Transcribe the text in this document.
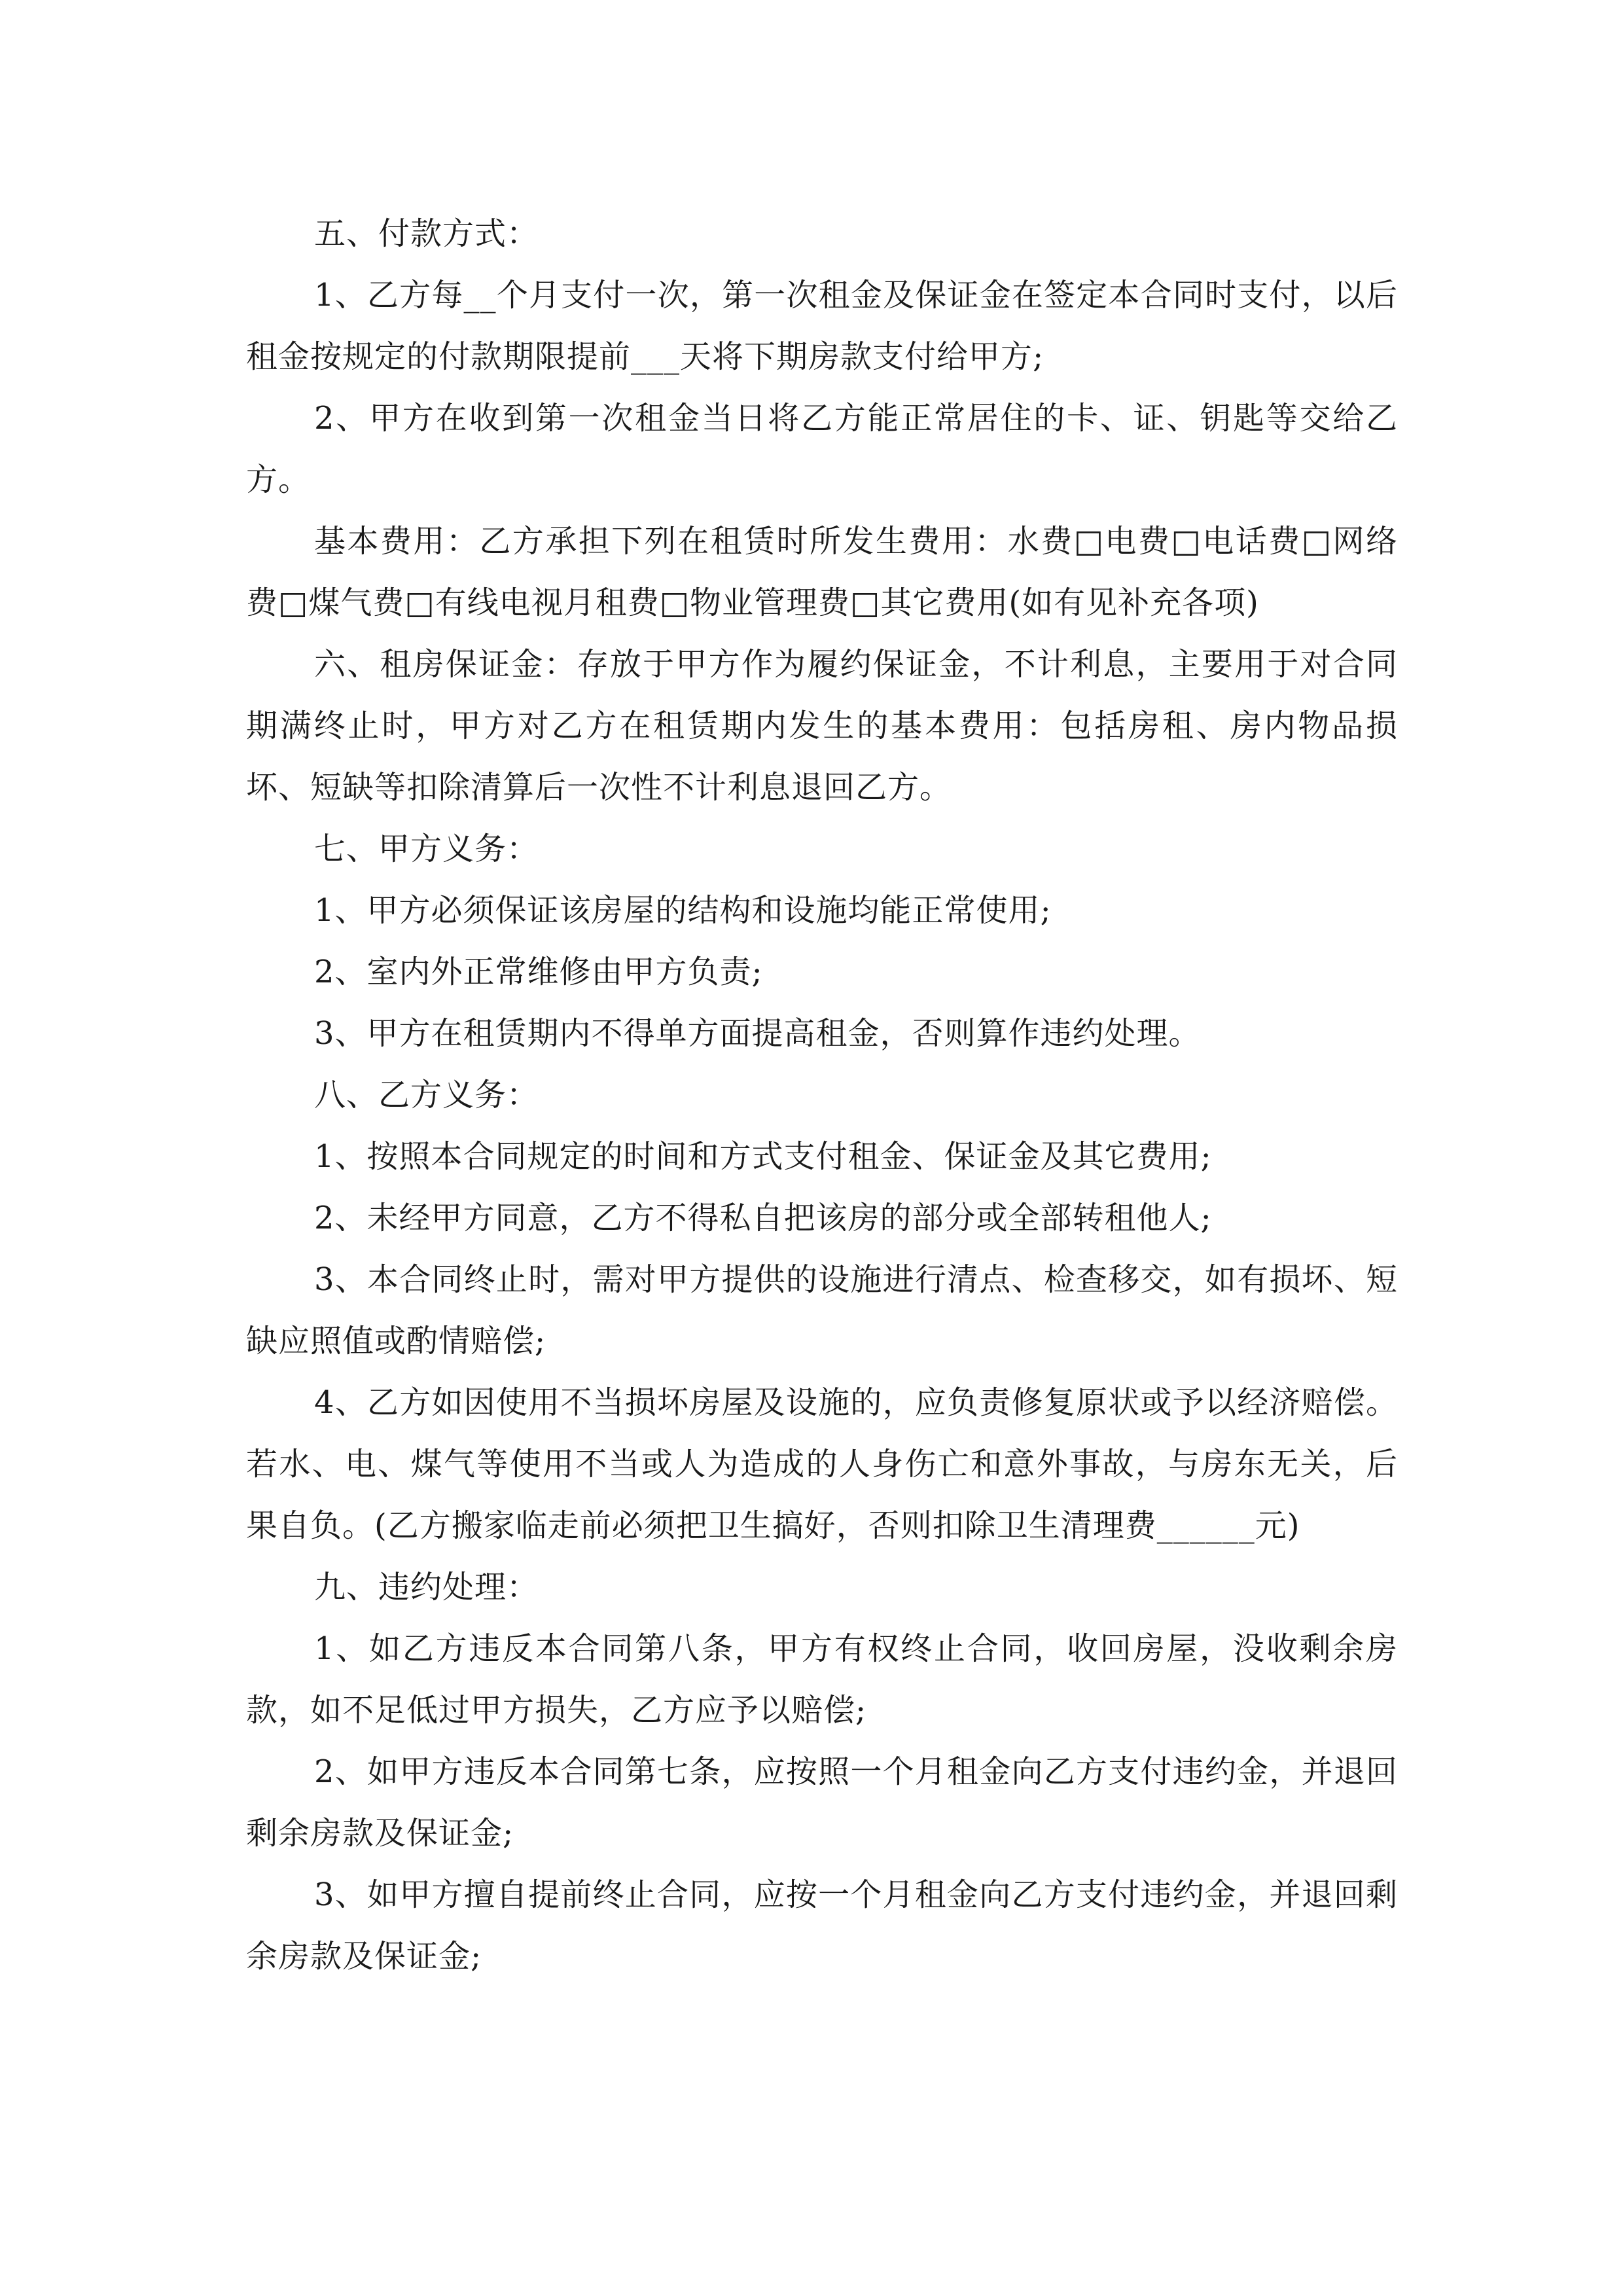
五、付款方式：

1、乙方每__个月支付一次，第一次租金及保证金在签定本合同时支付，以后租金按规定的付款期限提前___天将下期房款支付给甲方;

2、甲方在收到第一次租金当日将乙方能正常居住的卡、证、钥匙等交给乙方。

基本费用：乙方承担下列在租赁时所发生费用：水费□电费□电话费□网络费□煤气费□有线电视月租费□物业管理费□其它费用(如有见补充各项)

六、租房保证金：存放于甲方作为履约保证金，不计利息，主要用于对合同期满终止时，甲方对乙方在租赁期内发生的基本费用：包括房租、房内物品损坏、短缺等扣除清算后一次性不计利息退回乙方。

七、甲方义务：

1、甲方必须保证该房屋的结构和设施均能正常使用;

2、室内外正常维修由甲方负责;

3、甲方在租赁期内不得单方面提高租金，否则算作违约处理。

八、乙方义务：

1、按照本合同规定的时间和方式支付租金、保证金及其它费用;

2、未经甲方同意，乙方不得私自把该房的部分或全部转租他人;

3、本合同终止时，需对甲方提供的设施进行清点、检查移交，如有损坏、短缺应照值或酌情赔偿;

4、乙方如因使用不当损坏房屋及设施的，应负责修复原状或予以经济赔偿。若水、电、煤气等使用不当或人为造成的人身伤亡和意外事故，与房东无关，后果自负。(乙方搬家临走前必须把卫生搞好，否则扣除卫生清理费______元)

九、违约处理：

1、如乙方违反本合同第八条，甲方有权终止合同，收回房屋，没收剩余房款，如不足低过甲方损失，乙方应予以赔偿;

2、如甲方违反本合同第七条，应按照一个月租金向乙方支付违约金，并退回剩余房款及保证金;

3、如甲方擅自提前终止合同，应按一个月租金向乙方支付违约金，并退回剩余房款及保证金;
